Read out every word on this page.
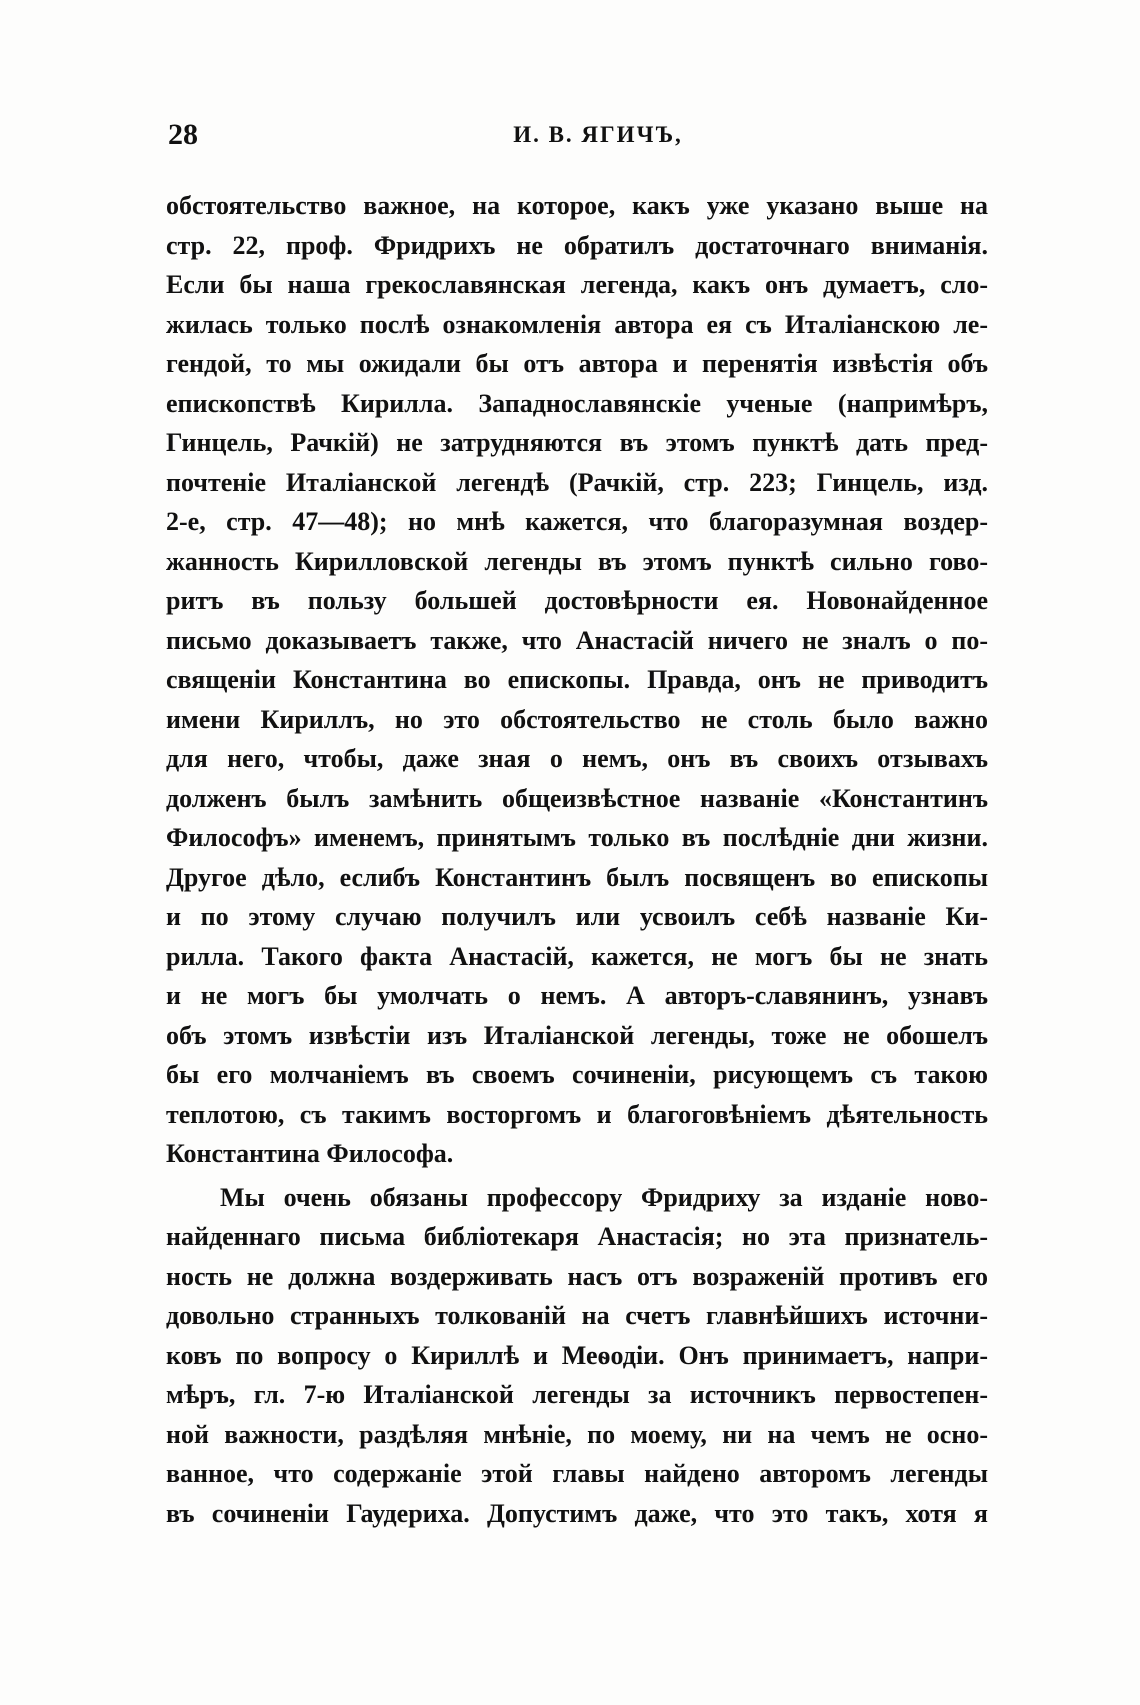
28	И. В. ЯГИЧЪ,
обстоятельство важное, на которое, какъ уже указано выше на
стр. 22, проф. Фридрихъ не обратилъ достаточнаго вниманія.
Если бы наша грекославянская легенда, какъ онъ думаетъ, сло-
жилась только послѣ ознакомленія автора ея съ Италіанскою ле-
гендой, то мы ожидали бы отъ автора и перенятія извѣстія объ
епископствѣ Кирилла. Западнославянскіе ученые (напримѣръ,
Гинцель, Рачкій) не затрудняются въ этомъ пунктѣ дать пред-
почтеніе Италіанской легендѣ (Рачкій, стр. 223; Гинцель, изд.
2-е, стр. 47—48); но мнѣ кажется, что благоразумная воздер-
жанность Кирилловской легенды въ этомъ пунктѣ сильно гово-
ритъ въ пользу большей достовѣрности ея. Новонайденное
письмо доказываетъ также, что Анастасій ничего не зналъ о по-
священіи Константина во епископы. Правда, онъ не приводитъ
имени Кириллъ, но это обстоятельство не столь было важно
для него, чтобы, даже зная о немъ, онъ въ своихъ отзывахъ
долженъ былъ замѣнить общеизвѣстное названіе «Константинъ
Философъ» именемъ, принятымъ только въ послѣдніе дни жизни.
Другое дѣло, еслибъ Константинъ былъ посвященъ во епископы
и по этому случаю получилъ или усвоилъ себѣ названіе Ки-
рилла. Такого факта Анастасій, кажется, не могъ бы не знать
и не могъ бы умолчать о немъ. А авторъ-славянинъ, узнавъ
объ этомъ извѣстіи изъ Италіанской легенды, тоже не обошелъ
бы его молчаніемъ въ своемъ сочиненіи, рисующемъ съ такою
теплотою, съ такимъ восторгомъ и благоговѣніемъ дѣятельность
Константина Философа.
Мы очень обязаны профессору Фридриху за изданіе ново-
найденнаго письма библіотекаря Анастасія; но эта признатель-
ность не должна воздерживать насъ отъ возраженій противъ его
довольно странныхъ толкованій на счетъ главнѣйшихъ источни-
ковъ по вопросу о Кириллѣ и Меѳодіи. Онъ принимаетъ, напри-
мѣръ, гл. 7-ю Италіанской легенды за источникъ первостепен-
ной важности, раздѣляя мнѣніе, по моему, ни на чемъ не осно-
ванное, что содержаніе этой главы найдено авторомъ легенды
въ сочиненіи Гаудериха. Допустимъ даже, что это такъ, хотя я
